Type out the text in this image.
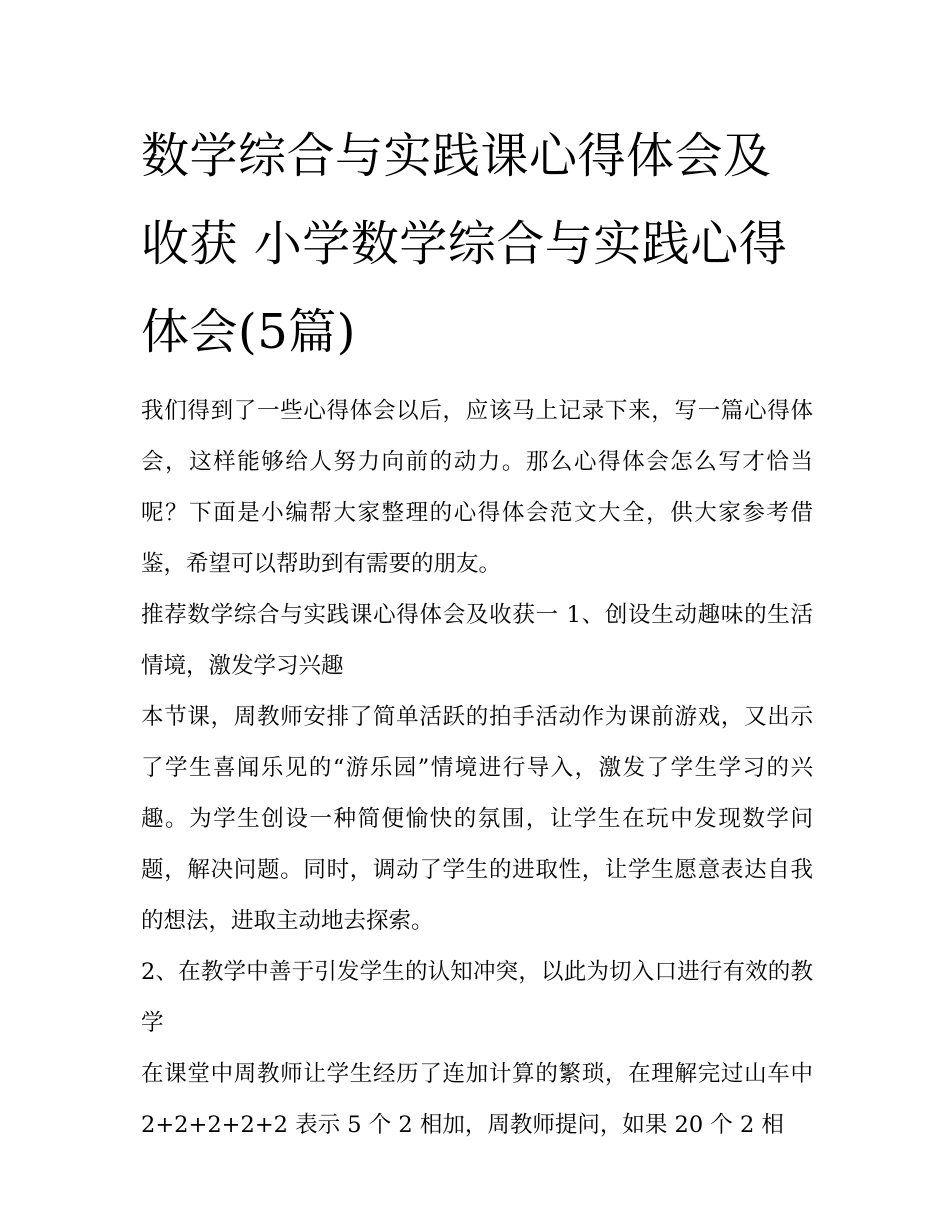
数学综合与实践课心得体会及收获 小学数学综合与实践心得体会(5篇)

我们得到了一些心得体会以后，应该马上记录下来，写一篇心得体会，这样能够给人努力向前的动力。那么心得体会怎么写才恰当呢？下面是小编帮大家整理的心得体会范文大全，供大家参考借鉴，希望可以帮助到有需要的朋友。

推荐数学综合与实践课心得体会及收获一 1、创设生动趣味的生活情境，激发学习兴趣

本节课，周教师安排了简单活跃的拍手活动作为课前游戏，又出示了学生喜闻乐见的“游乐园”情境进行导入，激发了学生学习的兴趣。为学生创设一种简便愉快的氛围，让学生在玩中发现数学问题，解决问题。同时，调动了学生的进取性，让学生愿意表达自我的想法，进取主动地去探索。

2、在教学中善于引发学生的认知冲突，以此为切入口进行有效的教学

在课堂中周教师让学生经历了连加计算的繁琐，在理解完过山车中 2+2+2+2+2 表示 5 个 2 相加，周教师提问，如果 20 个 2 相
